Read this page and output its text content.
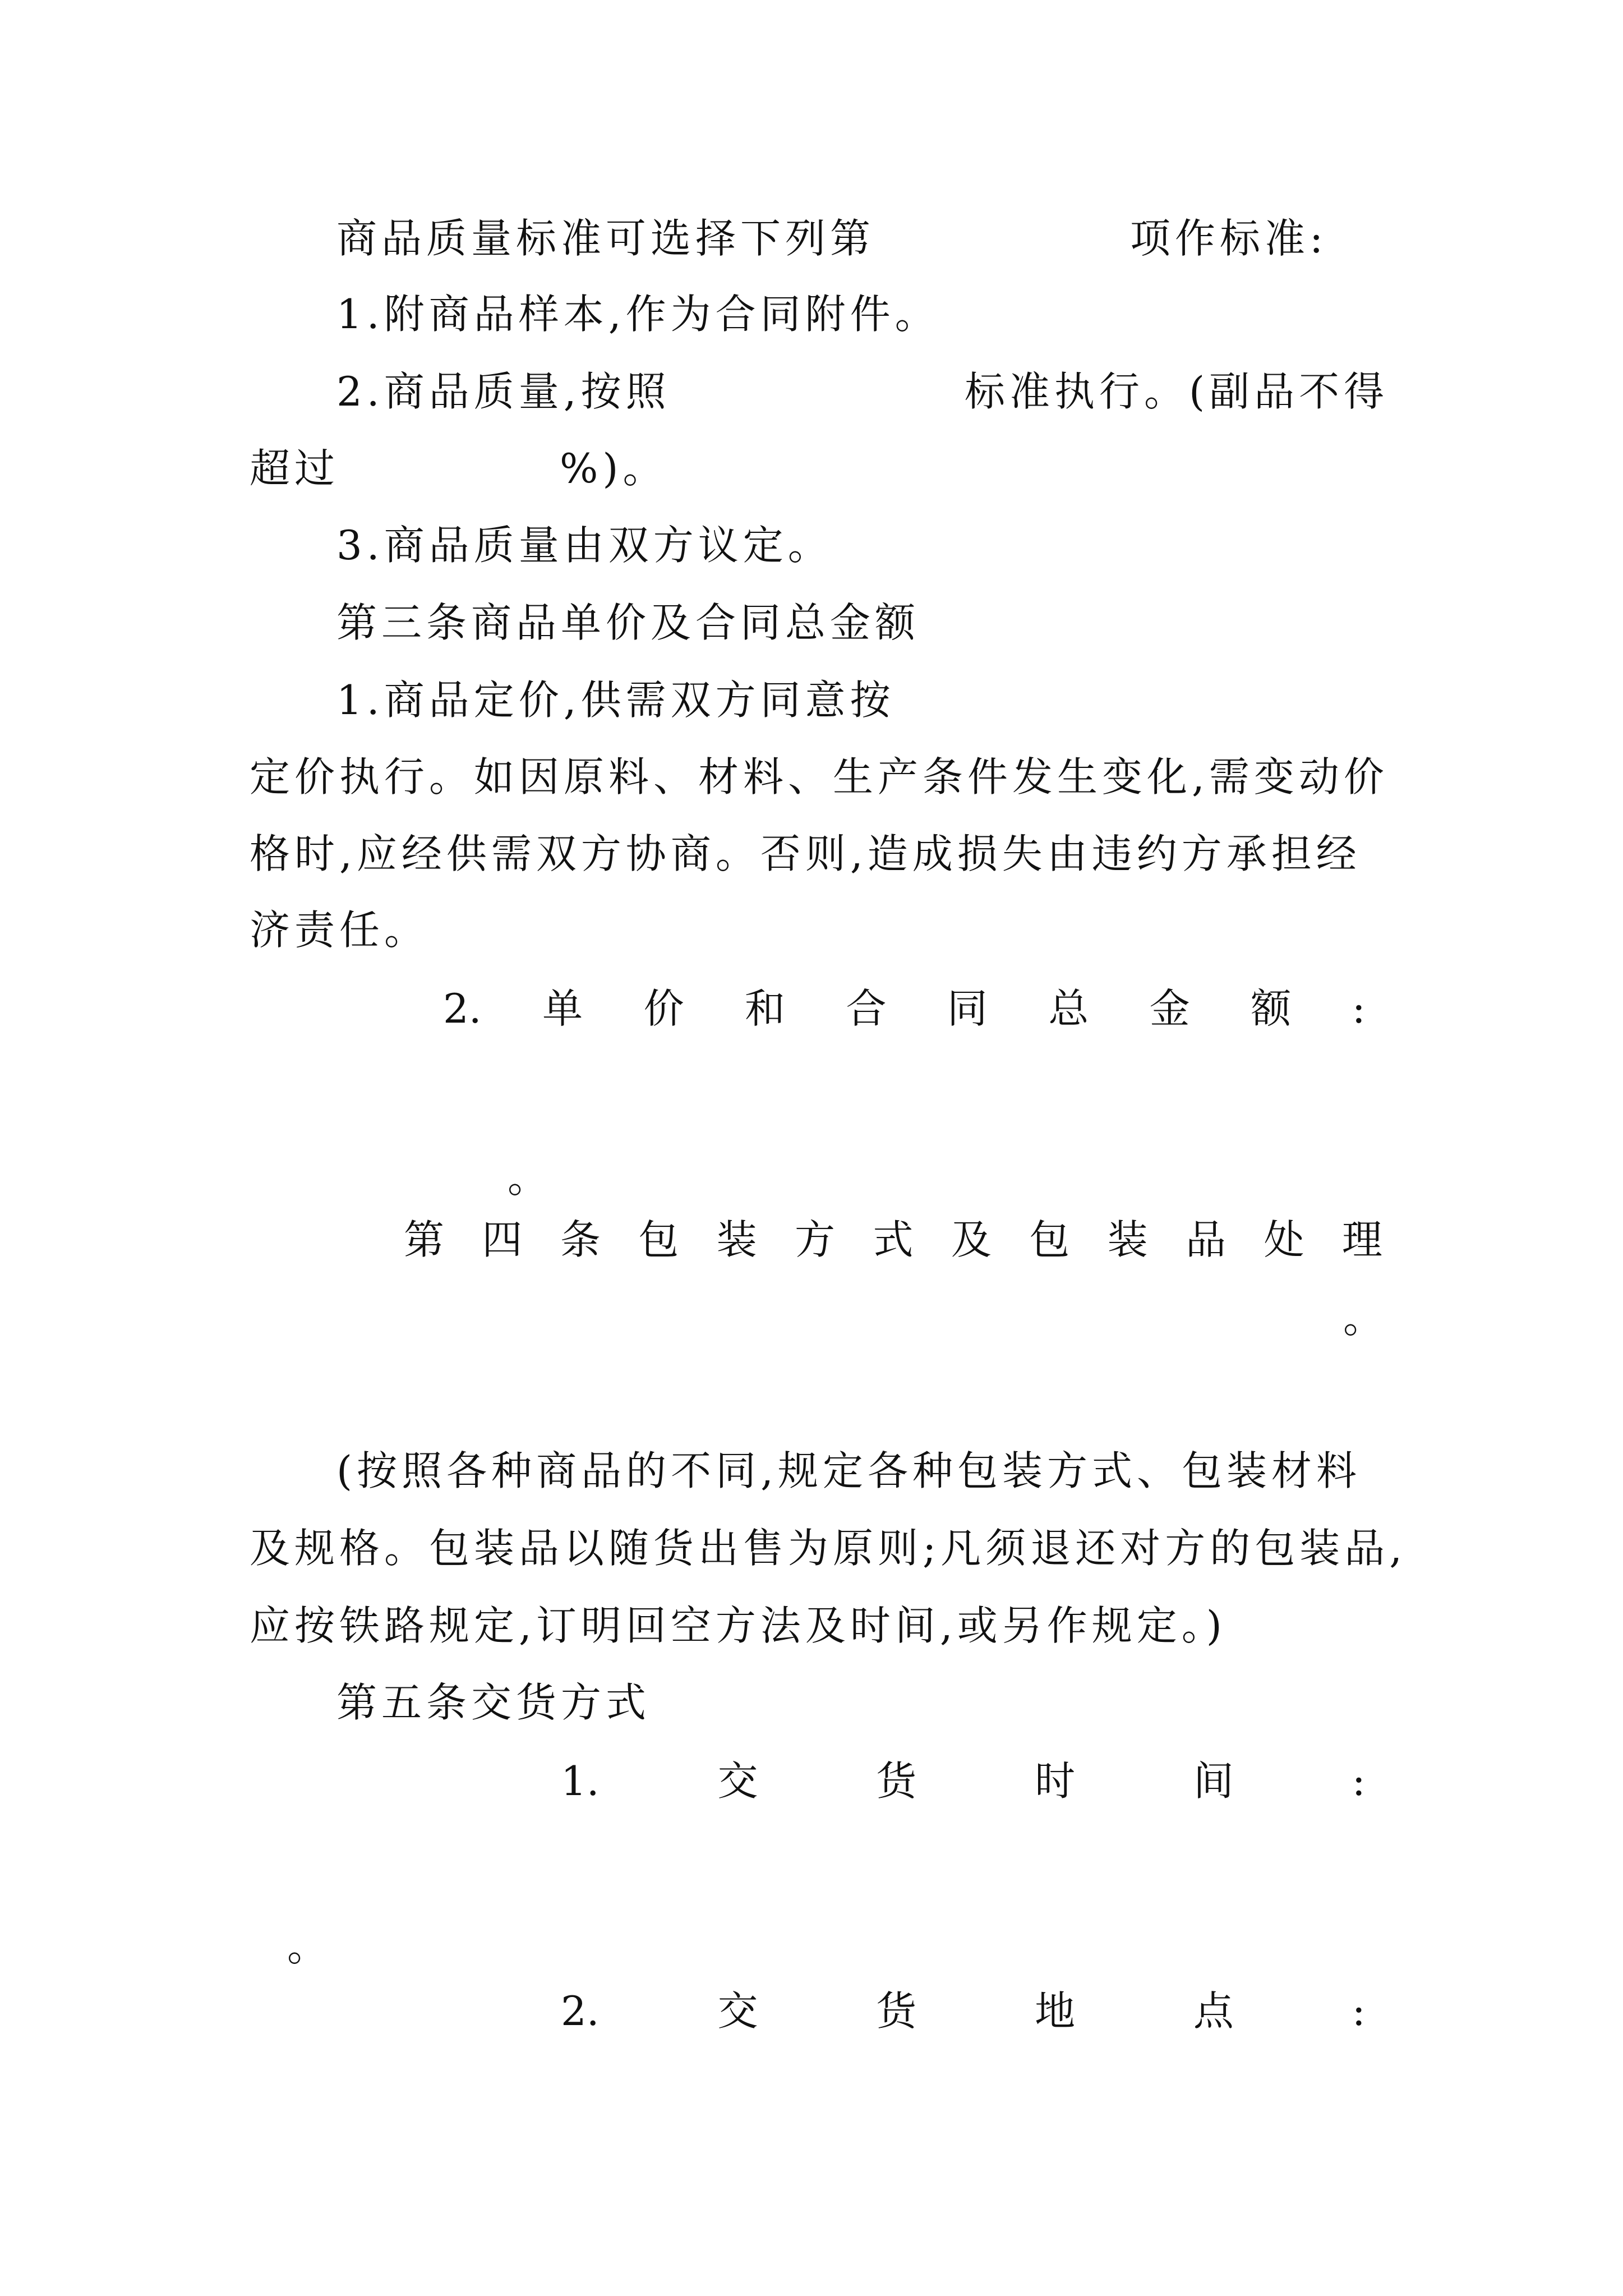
商品质量标准可选择下列第	项作标准:
1.附商品样本,作为合同附件。
2.商品质量,按照	标准执行。(副品不得
超过	%)。
3.商品质量由双方议定。
第三条商品单价及合同总金额
1.商品定价,供需双方同意按
定价执行。如因原料、材料、生产条件发生变化,需变动价
格时,应经供需双方协商。否则,造成损失由违约方承担经
济责任。
2. 单 价 和 合 同 总 金 额 :
。
第 四 条 包 装 方 式 及 包 装 品 处 理
。
(按照各种商品的不同,规定各种包装方式、包装材料
及规格。包装品以随货出售为原则;凡须退还对方的包装品,
应按铁路规定,订明回空方法及时间,或另作规定。)
第五条交货方式
1.	交	货	时	间	:
。
2.	交	货	地	点	:
